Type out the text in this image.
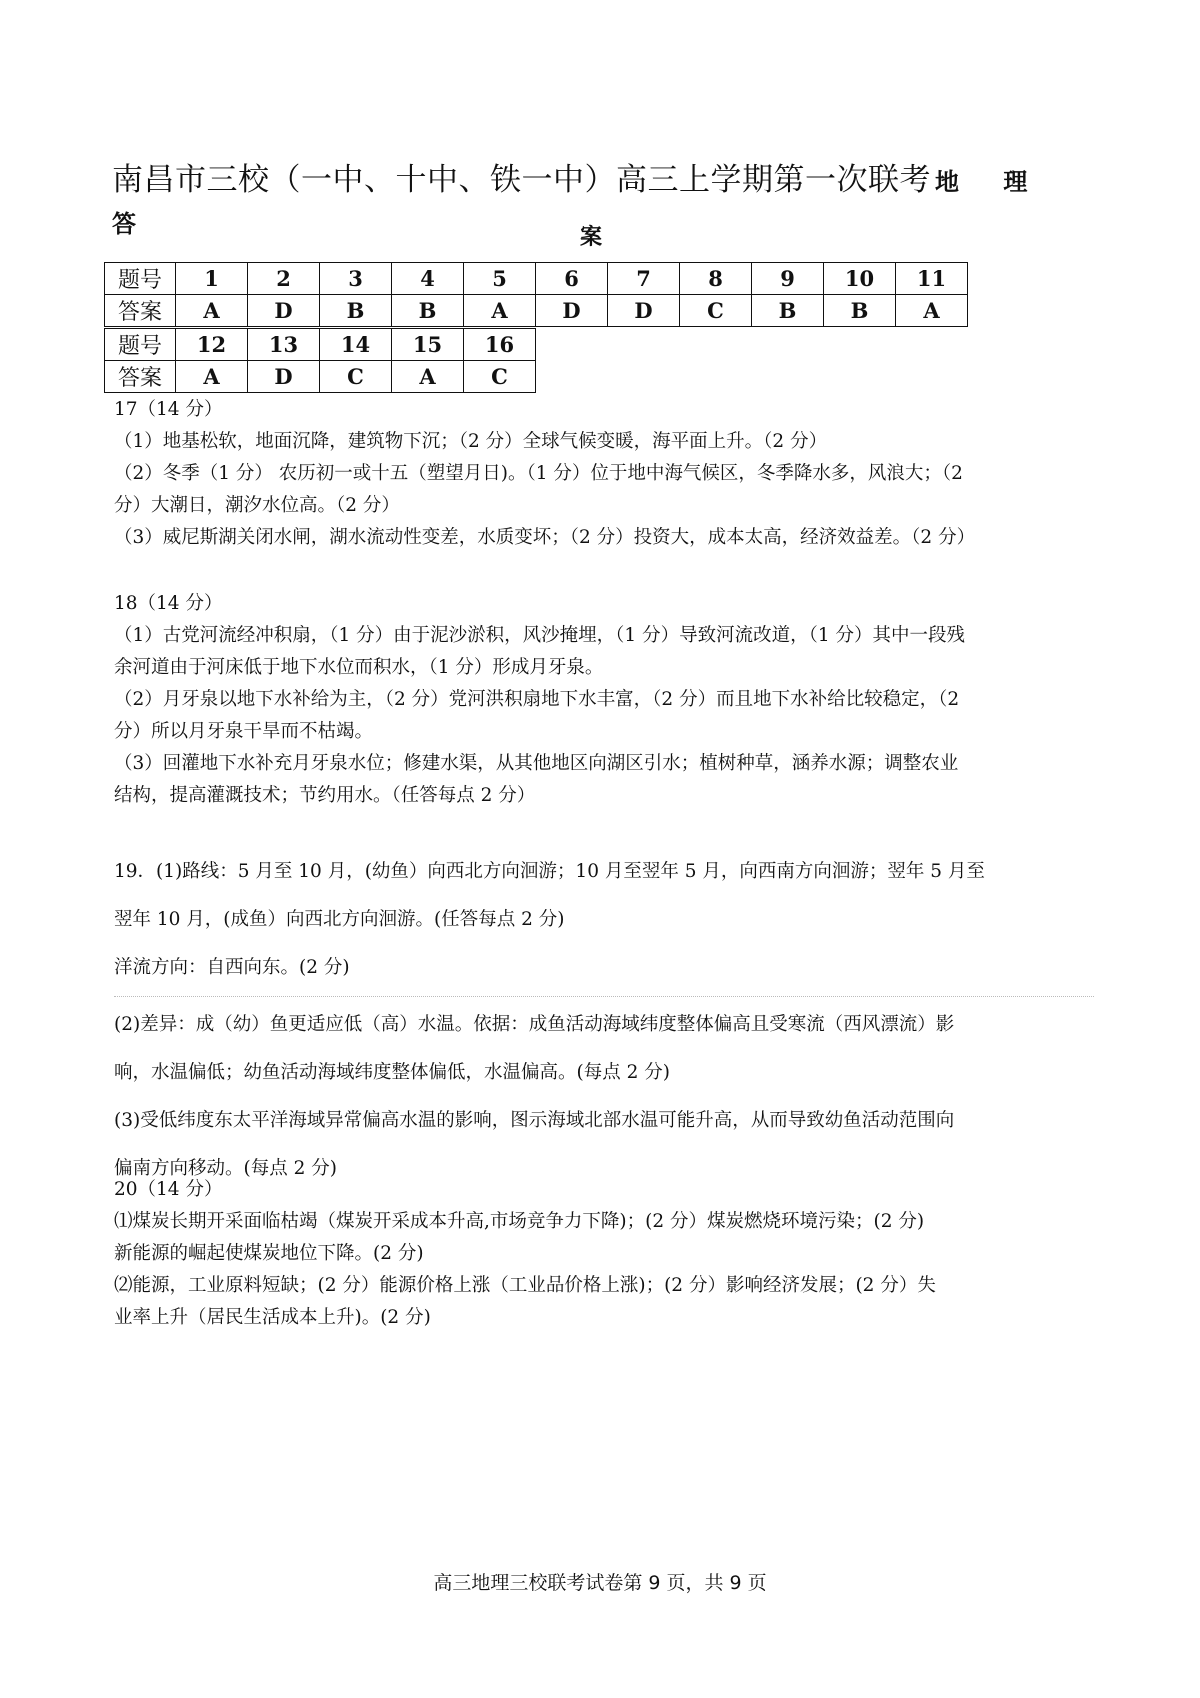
南昌市三校（一中、十中、铁一中）高三上学期第一次联考 地 理 答	案
题号	1	2	3	4	5	6	7	8	9	10	11
答案	A	D	B	B	A	D	D	C	B	B	A
题号	12	13	14	15	16
答案	A	D	C	A	C

17（14 分）

（1）地基松软，地面沉降，建筑物下沉；（2 分）全球气候变暖，海平面上升。（2 分）

（2）冬季（1 分） 农历初一或十五（塑望月日)。（1 分）位于地中海气候区，冬季降水多，风浪大；（2

分）大潮日，潮汐水位高。（2 分）

（3）威尼斯湖关闭水闸，湖水流动性变差，水质变坏；（2 分）投资大，成本太高，经济效益差。（2 分）

18（14 分）

（1）古党河流经冲积扇，（1 分）由于泥沙淤积，风沙掩埋，（1 分）导致河流改道，（1 分）其中一段残

余河道由于河床低于地下水位而积水，（1 分）形成月牙泉。

（2）月牙泉以地下水补给为主，（2 分）党河洪积扇地下水丰富，（2 分）而且地下水补给比较稳定，（2

分）所以月牙泉干旱而不枯竭。

（3）回灌地下水补充月牙泉水位；修建水渠，从其他地区向湖区引水；植树种草，涵养水源；调整农业

结构，提高灌溉技术；节约用水。（任答每点 2 分）

19．(1)路线：5 月至 10 月，(幼鱼）向西北方向洄游；10 月至翌年 5 月，向西南方向洄游；翌年 5 月至

翌年 10 月，(成鱼）向西北方向洄游。(任答每点 2 分)

洋流方向：自西向东。(2 分)

(2)差异：成（幼）鱼更适应低（高）水温。依据：成鱼活动海域纬度整体偏高且受寒流（西风漂流）影

响，水温偏低；幼鱼活动海域纬度整体偏低，水温偏高。(每点 2 分)

(3)受低纬度东太平洋海域异常偏高水温的影响，图示海域北部水温可能升高，从而导致幼鱼活动范围向

偏南方向移动。(每点 2 分)

20（14 分）

⑴煤炭长期开采面临枯竭（煤炭开采成本升高,市场竞争力下降)；(2 分）煤炭燃烧环境污染；(2 分)

新能源的崛起使煤炭地位下降。(2 分)

⑵能源，工业原料短缺；(2 分）能源价格上涨（工业品价格上涨)；(2 分）影响经济发展；(2 分）失

业率上升（居民生活成本上升)。(2 分)

高三地理三校联考试卷第 9 页，共 9 页
